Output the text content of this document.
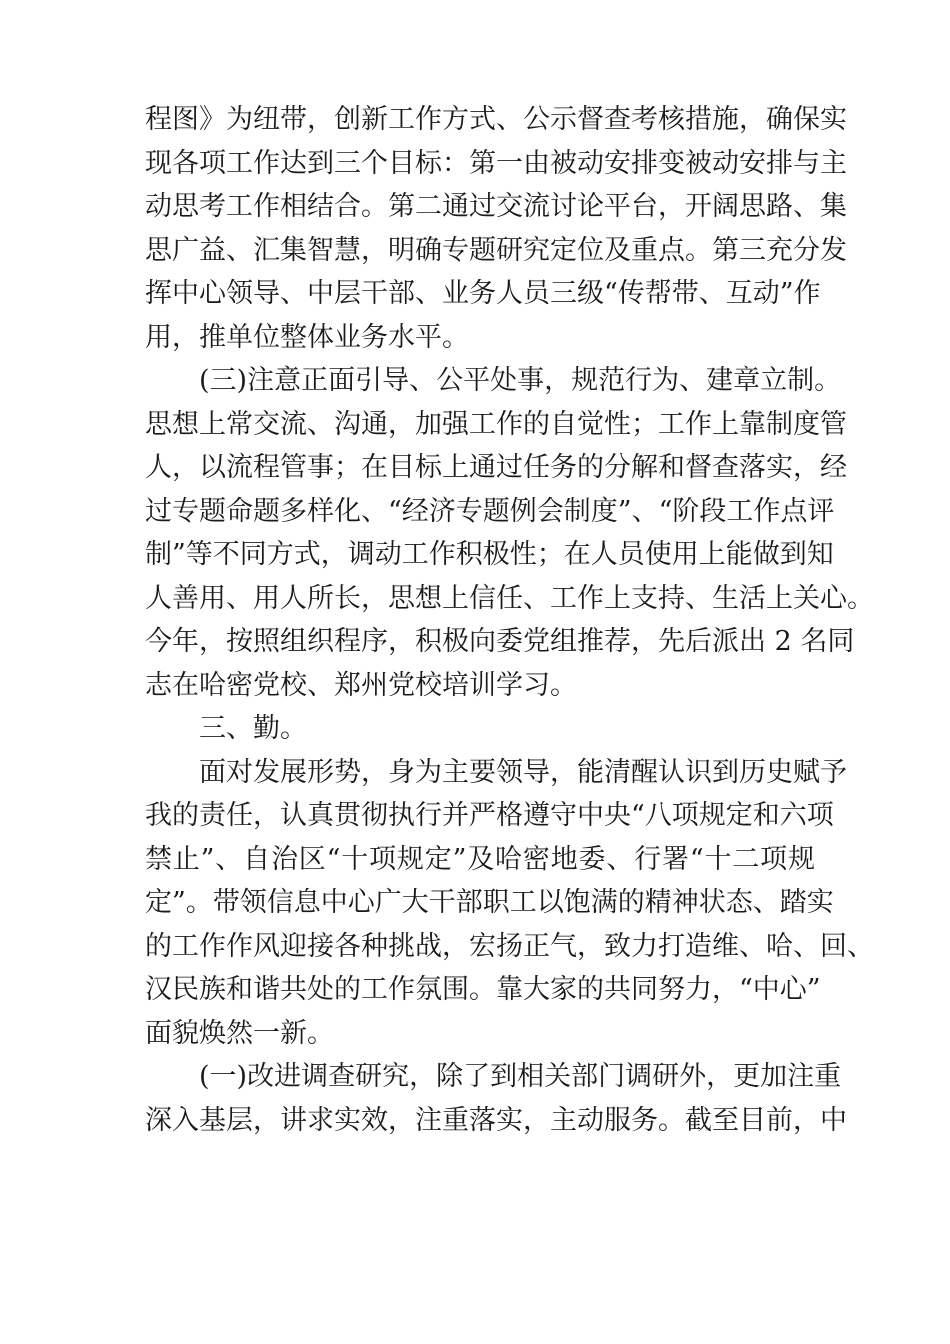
程图》为纽带，创新工作方式、公示督查考核措施，确保实
现各项工作达到三个目标：第一由被动安排变被动安排与主
动思考工作相结合。第二通过交流讨论平台，开阔思路、集
思广益、汇集智慧，明确专题研究定位及重点。第三充分发
挥中心领导、中层干部、业务人员三级“传帮带、互动”作
用，推单位整体业务水平。
(三)注意正面引导、公平处事，规范行为、建章立制。
思想上常交流、沟通，加强工作的自觉性；工作上靠制度管
人，以流程管事；在目标上通过任务的分解和督查落实，经
过专题命题多样化、“经济专题例会制度”、“阶段工作点评
制”等不同方式，调动工作积极性；在人员使用上能做到知
人善用、用人所长，思想上信任、工作上支持、生活上关心。
今年，按照组织程序，积极向委党组推荐，先后派出 2 名同
志在哈密党校、郑州党校培训学习。
三、勤。
面对发展形势，身为主要领导，能清醒认识到历史赋予
我的责任，认真贯彻执行并严格遵守中央“八项规定和六项
禁止”、自治区“十项规定”及哈密地委、行署“十二项规
定”。带领信息中心广大干部职工以饱满的精神状态、踏实
的工作作风迎接各种挑战，宏扬正气，致力打造维、哈、回、
汉民族和谐共处的工作氛围。靠大家的共同努力，“中心”
面貌焕然一新。
(一)改进调查研究，除了到相关部门调研外，更加注重
深入基层，讲求实效，注重落实，主动服务。截至目前，中
